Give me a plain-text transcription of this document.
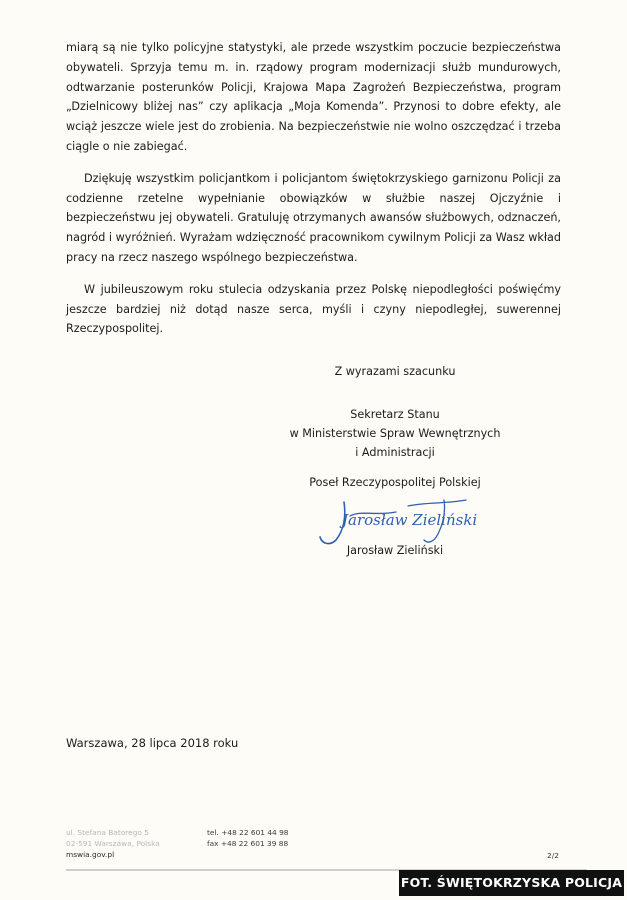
miarą są nie tylko policyjne statystyki, ale przede wszystkim poczucie bezpieczeństwa obywateli. Sprzyja temu m. in. rządowy program modernizacji służb mundurowych, odtwarzanie posterunków Policji, Krajowa Mapa Zagrożeń Bezpieczeństwa, program „Dzielnicowy bliżej nas” czy aplikacja „Moja Komenda”. Przynosi to dobre efekty, ale wciąż jeszcze wiele jest do zrobienia. Na bezpieczeństwie nie wolno oszczędzać i trzeba ciągle o nie zabiegać.

Dziękuję wszystkim policjantkom i policjantom świętokrzyskiego garnizonu Policji za codzienne rzetelne wypełnianie obowiązków w służbie naszej Ojczyźnie i bezpieczeństwu jej obywateli. Gratuluję otrzymanych awansów służbowych, odznaczeń, nagród i wyróżnień. Wyrażam wdzięczność pracownikom cywilnym Policji za Wasz wkład pracy na rzecz naszego wspólnego bezpieczeństwa.

W jubileuszowym roku stulecia odzyskania przez Polskę niepodległości poświęćmy jeszcze bardziej niż dotąd nasze serca, myśli i czyny niepodległej, suwerennej Rzeczypospolitej.

Z wyrazami szacunku
Sekretarz Stanu
w Ministerstwie Spraw Wewnętrznych
i Administracji
Poseł Rzeczypospolitej Polskiej
Jarosław Zieliński
Jarosław Zieliński
Warszawa, 28 lipca 2018 roku
ul. Stefana Batorego 5
02-591 Warszawa, Polska
mswia.gov.pl
tel. +48 22 601 44 98
fax +48 22 601 39 88
2/2
FOT. ŚWIĘTOKRZYSKA POLICJA
